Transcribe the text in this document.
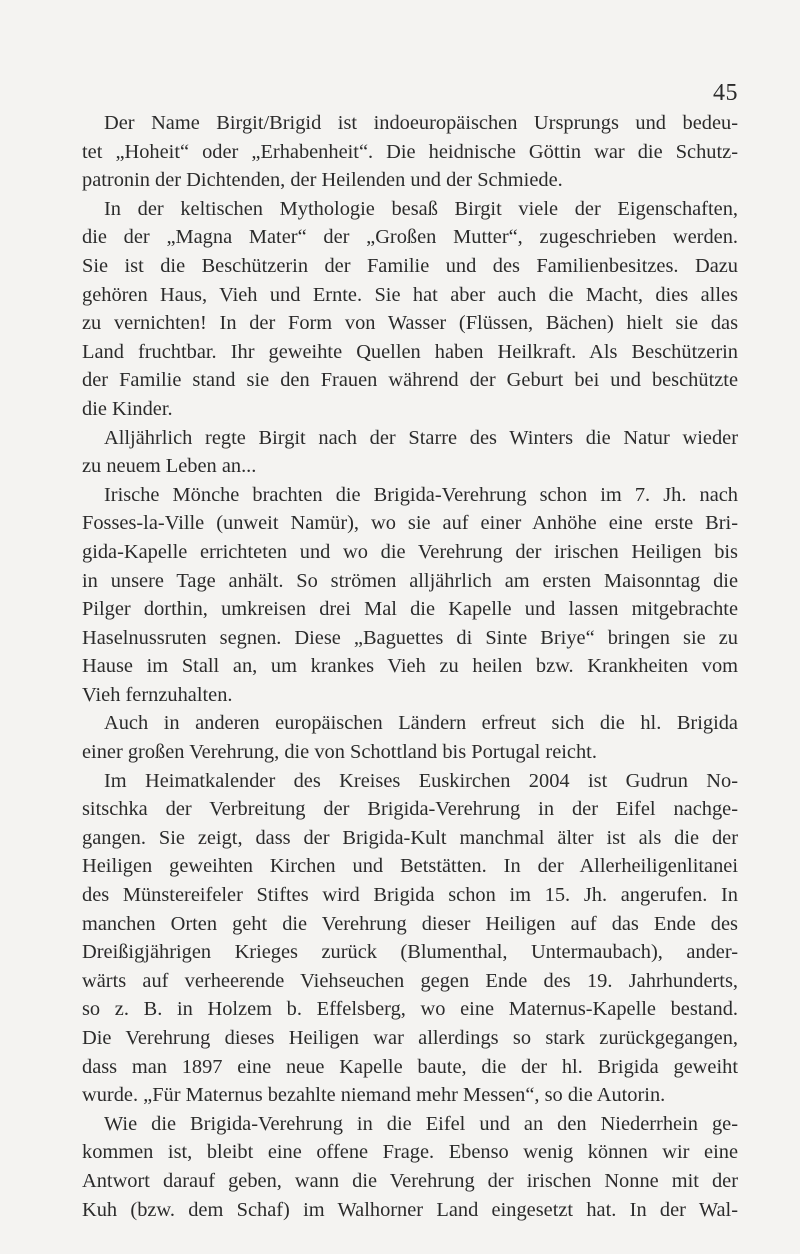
45
Der Name Birgit/Brigid ist indoeuropäischen Ursprungs und bedeu-
tet „Hoheit“ oder „Erhabenheit“. Die heidnische Göttin war die Schutz-
patronin der Dichtenden, der Heilenden und der Schmiede.
In der keltischen Mythologie besaß Birgit viele der Eigenschaften,
die der „Magna Mater“ der „Großen Mutter“, zugeschrieben werden.
Sie ist die Beschützerin der Familie und des Familienbesitzes. Dazu
gehören Haus, Vieh und Ernte. Sie hat aber auch die Macht, dies alles
zu vernichten! In der Form von Wasser (Flüssen, Bächen) hielt sie das
Land fruchtbar. Ihr geweihte Quellen haben Heilkraft. Als Beschützerin
der Familie stand sie den Frauen während der Geburt bei und beschützte
die Kinder.
Alljährlich regte Birgit nach der Starre des Winters die Natur wieder
zu neuem Leben an...
Irische Mönche brachten die Brigida-Verehrung schon im 7. Jh. nach
Fosses-la-Ville (unweit Namür), wo sie auf einer Anhöhe eine erste Bri-
gida-Kapelle errichteten und wo die Verehrung der irischen Heiligen bis
in unsere Tage anhält. So strömen alljährlich am ersten Maisonntag die
Pilger dorthin, umkreisen drei Mal die Kapelle und lassen mitgebrachte
Haselnussruten segnen. Diese „Baguettes di Sinte Briye“ bringen sie zu
Hause im Stall an, um krankes Vieh zu heilen bzw. Krankheiten vom
Vieh fernzuhalten.
Auch in anderen europäischen Ländern erfreut sich die hl. Brigida
einer großen Verehrung, die von Schottland bis Portugal reicht.
Im Heimatkalender des Kreises Euskirchen 2004 ist Gudrun No-
sitschka der Verbreitung der Brigida-Verehrung in der Eifel nachge-
gangen. Sie zeigt, dass der Brigida-Kult manchmal älter ist als die der
Heiligen geweihten Kirchen und Betstätten. In der Allerheiligenlitanei
des Münstereifeler Stiftes wird Brigida schon im 15. Jh. angerufen. In
manchen Orten geht die Verehrung dieser Heiligen auf das Ende des
Dreißigjährigen Krieges zurück (Blumenthal, Untermaubach), ander-
wärts auf verheerende Viehseuchen gegen Ende des 19. Jahrhunderts,
so z. B. in Holzem b. Effelsberg, wo eine Maternus-Kapelle bestand.
Die Verehrung dieses Heiligen war allerdings so stark zurückgegangen,
dass man 1897 eine neue Kapelle baute, die der hl. Brigida geweiht
wurde. „Für Maternus bezahlte niemand mehr Messen“, so die Autorin.
Wie die Brigida-Verehrung in die Eifel und an den Niederrhein ge-
kommen ist, bleibt eine offene Frage. Ebenso wenig können wir eine
Antwort darauf geben, wann die Verehrung der irischen Nonne mit der
Kuh (bzw. dem Schaf) im Walhorner Land eingesetzt hat. In der Wal-
